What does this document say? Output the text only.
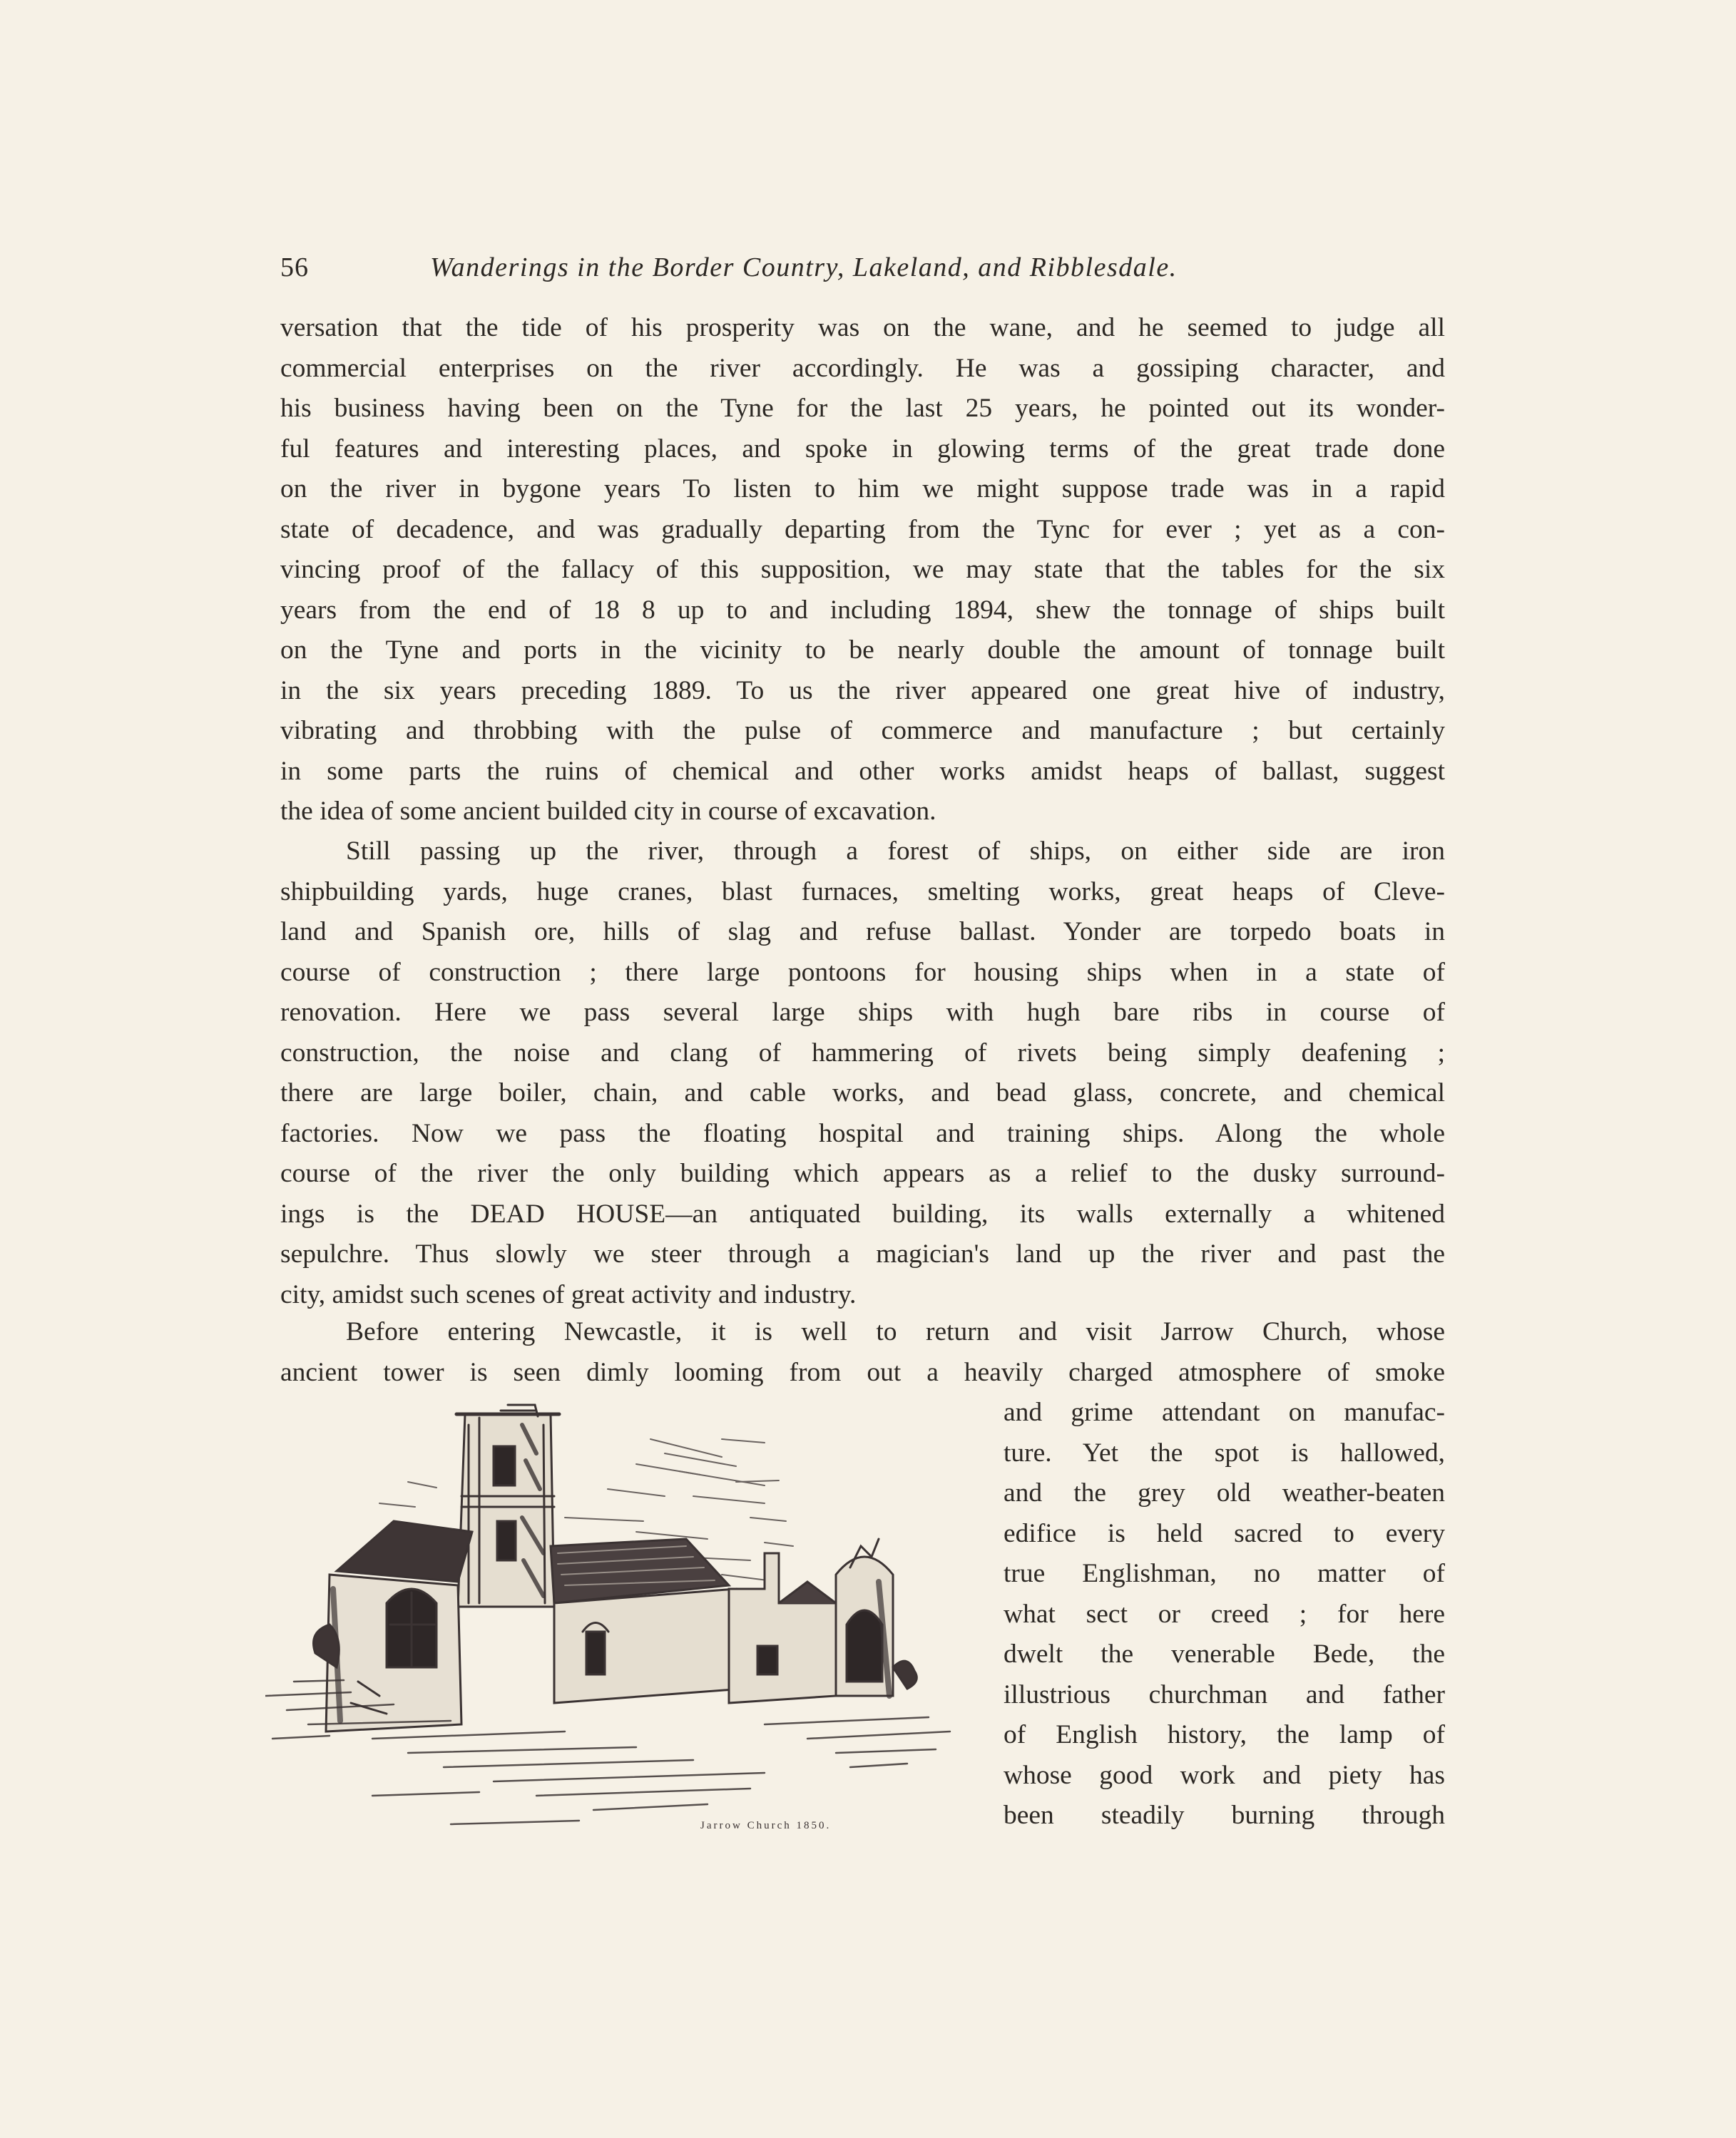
56	Wanderings in the Border Country, Lakeland, and Ribblesdale.
versation that the tide of his prosperity was on the wane, and he seemed to judge all
commercial enterprises on the river accordingly. He was a gossiping character, and
his business having been on the Tyne for the last 25 years, he pointed out its wonder-
ful features and interesting places, and spoke in glowing terms of the great trade done
on the river in bygone years To listen to him we might suppose trade was in a rapid
state of decadence, and was gradually departing from the Tync for ever ; yet as a con-
vincing proof of the fallacy of this supposition, we may state that the tables for the six
years from the end of 18 8 up to and including 1894, shew the tonnage of ships built
on the Tyne and ports in the vicinity to be nearly double the amount of tonnage built
in the six years preceding 1889. To us the river appeared one great hive of industry,
vibrating and throbbing with the pulse of commerce and manufacture ; but certainly
in some parts the ruins of chemical and other works amidst heaps of ballast, suggest
the idea of some ancient builded city in course of excavation.
Still passing up the river, through a forest of ships, on either side are iron
shipbuilding yards, huge cranes, blast furnaces, smelting works, great heaps of Cleve-
land and Spanish ore, hills of slag and refuse ballast. Yonder are torpedo boats in
course of construction ; there large pontoons for housing ships when in a state of
renovation. Here we pass several large ships with hugh bare ribs in course of
construction, the noise and clang of hammering of rivets being simply deafening ;
there are large boiler, chain, and cable works, and bead glass, concrete, and chemical
factories. Now we pass the floating hospital and training ships. Along the whole
course of the river the only building which appears as a relief to the dusky surround-
ings is the DEAD HOUSE—an antiquated building, its walls externally a whitened
sepulchre. Thus slowly we steer through a magician's land up the river and past the
city, amidst such scenes of great activity and industry.
Before entering Newcastle, it is well to return and visit Jarrow Church, whose
ancient tower is seen dimly looming from out a heavily charged atmosphere of smoke
and grime attendant on manufac-
ture. Yet the spot is hallowed,
and the grey old weather-beaten
edifice is held sacred to every
true Englishman, no matter of
what sect or creed ; for here
dwelt the venerable Bede, the
illustrious churchman and father
of English history, the lamp of
whose good work and piety has
been steadily burning through
Jarrow Church 1850.
